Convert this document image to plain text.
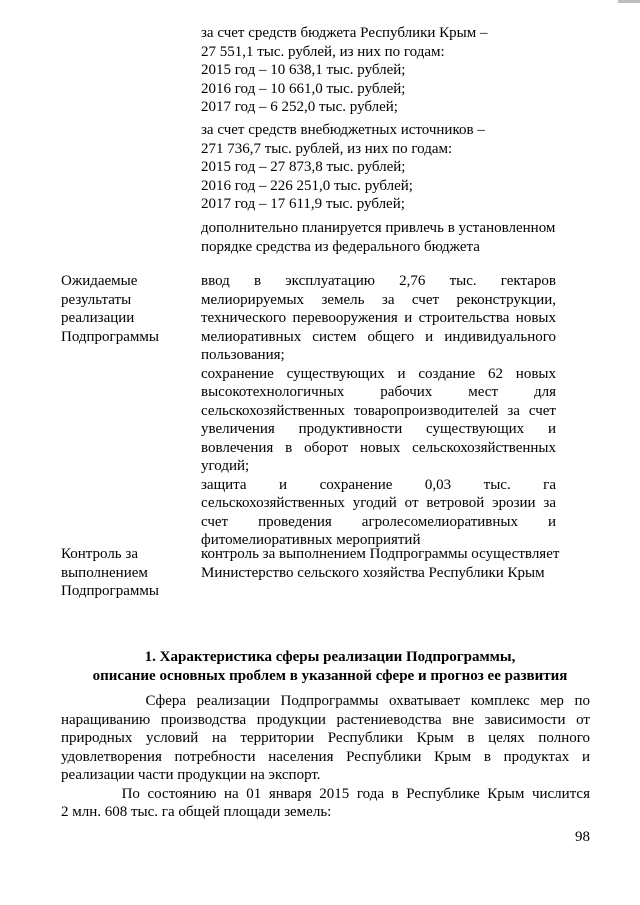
за счет средств бюджета Республики Крым –
27 551,1 тыс. рублей, из них по годам:
2015 год – 10 638,1 тыс. рублей;
2016 год – 10 661,0 тыс. рублей;
2017 год – 6 252,0 тыс. рублей;
за счет средств внебюджетных источников –
271 736,7 тыс. рублей, из них по годам:
2015 год – 27 873,8 тыс. рублей;
2016 год – 226 251,0 тыс. рублей;
2017 год – 17 611,9 тыс. рублей;
дополнительно планируется привлечь в установленном
порядке средства из федерального бюджета
Ожидаемые
результаты
реализации
Подпрограммы
ввод в эксплуатацию 2,76 тыс. гектаров
мелиорируемых земель за счет реконструкции,
технического перевооружения и строительства новых
мелиоративных систем общего и индивидуального
пользования;
сохранение существующих и создание 62 новых
высокотехнологичных рабочих мест для
сельскохозяйственных товаропроизводителей за счет
увеличения продуктивности существующих и
вовлечения в оборот новых сельскохозяйственных
угодий;
защита и сохранение 0,03 тыс. га
сельскохозяйственных угодий от ветровой эрозии за
счет проведения агролесомелиоративных и
фитомелиоративных мероприятий
Контроль за
выполнением
Подпрограммы
контроль за выполнением Подпрограммы осуществляет
Министерство сельского хозяйства Республики Крым
1. Характеристика сферы реализации Подпрограммы,
описание основных проблем в указанной сфере и прогноз ее развития
Сфера реализации Подпрограммы охватывает комплекс мер по
наращиванию производства продукции растениеводства вне зависимости от
природных условий на территории Республики Крым в целях полного
удовлетворения потребности населения Республики Крым в продуктах и
реализации части продукции на экспорт.
По состоянию на 01 января 2015 года в Республике Крым числится
2 млн. 608 тыс. га общей площади земель:
98
